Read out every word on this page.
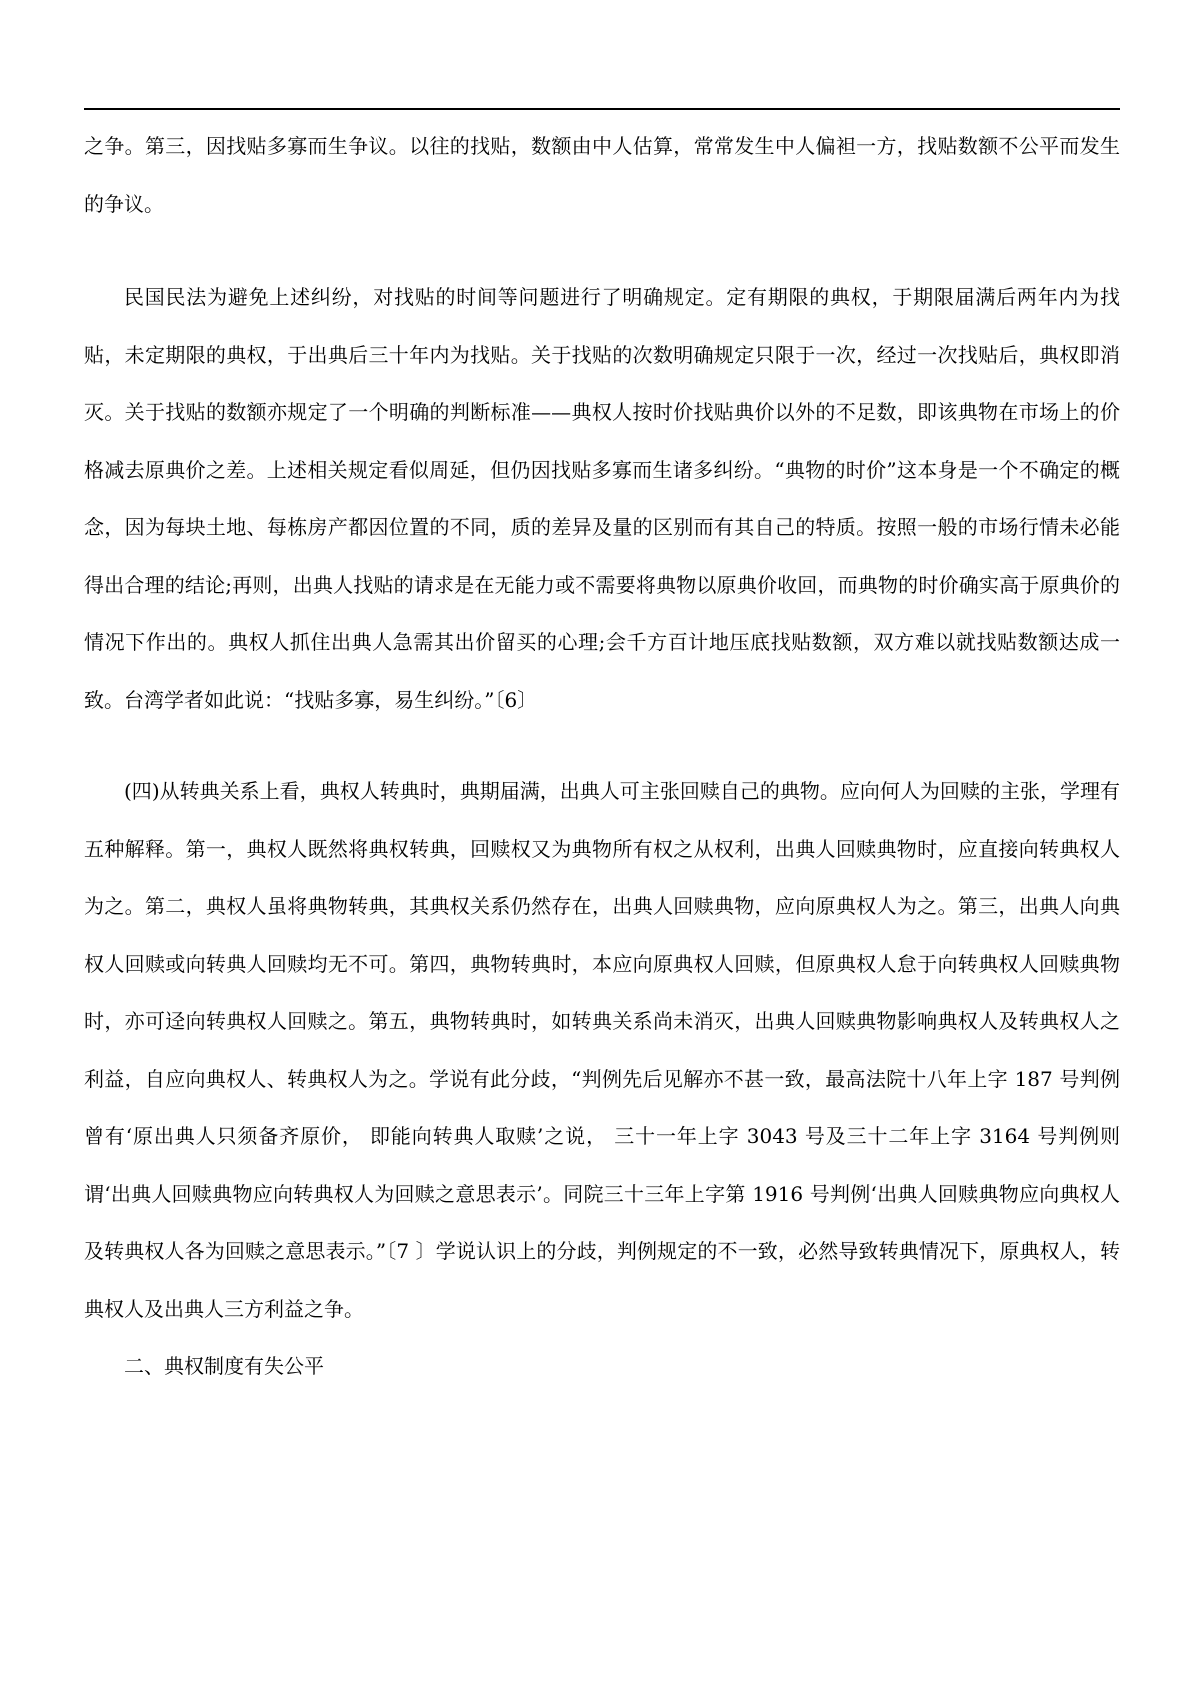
之争。第三，因找贴多寡而生争议。以往的找贴，数额由中人估算，常常发生中人偏袒一方，找贴数额不公平而发生的争议。

民国民法为避免上述纠纷，对找贴的时间等问题进行了明确规定。定有期限的典权，于期限届满后两年内为找贴，未定期限的典权，于出典后三十年内为找贴。关于找贴的次数明确规定只限于一次，经过一次找贴后，典权即消灭。关于找贴的数额亦规定了一个明确的判断标准——典权人按时价找贴典价以外的不足数，即该典物在市场上的价格减去原典价之差。上述相关规定看似周延，但仍因找贴多寡而生诸多纠纷。“典物的时价”这本身是一个不确定的概念，因为每块土地、每栋房产都因位置的不同，质的差异及量的区别而有其自己的特质。按照一般的市场行情未必能得出合理的结论;再则，出典人找贴的请求是在无能力或不需要将典物以原典价收回，而典物的时价确实高于原典价的情况下作出的。典权人抓住出典人急需其出价留买的心理;会千方百计地压底找贴数额，双方难以就找贴数额达成一致。台湾学者如此说：“找贴多寡，易生纠纷。”〔6〕

(四)从转典关系上看，典权人转典时，典期届满，出典人可主张回赎自己的典物。应向何人为回赎的主张，学理有五种解释。第一，典权人既然将典权转典，回赎权又为典物所有权之从权利，出典人回赎典物时，应直接向转典权人为之。第二，典权人虽将典物转典，其典权关系仍然存在，出典人回赎典物，应向原典权人为之。第三，出典人向典权人回赎或向转典人回赎均无不可。第四，典物转典时，本应向原典权人回赎，但原典权人怠于向转典权人回赎典物时，亦可迳向转典权人回赎之。第五，典物转典时，如转典关系尚未消灭，出典人回赎典物影响典权人及转典权人之利益，自应向典权人、转典权人为之。学说有此分歧，“判例先后见解亦不甚一致，最高法院十八年上字 187 号判例曾有‘原出典人只须备齐原价， 即能向转典人取赎’之说， 三十一年上字 3043 号及三十二年上字 3164 号判例则谓‘出典人回赎典物应向转典权人为回赎之意思表示’。同院三十三年上字第 1916 号判例‘出典人回赎典物应向典权人及转典权人各为回赎之意思表示。”〔7 〕学说认识上的分歧，判例规定的不一致，必然导致转典情况下，原典权人，转典权人及出典人三方利益之争。

二、典权制度有失公平
